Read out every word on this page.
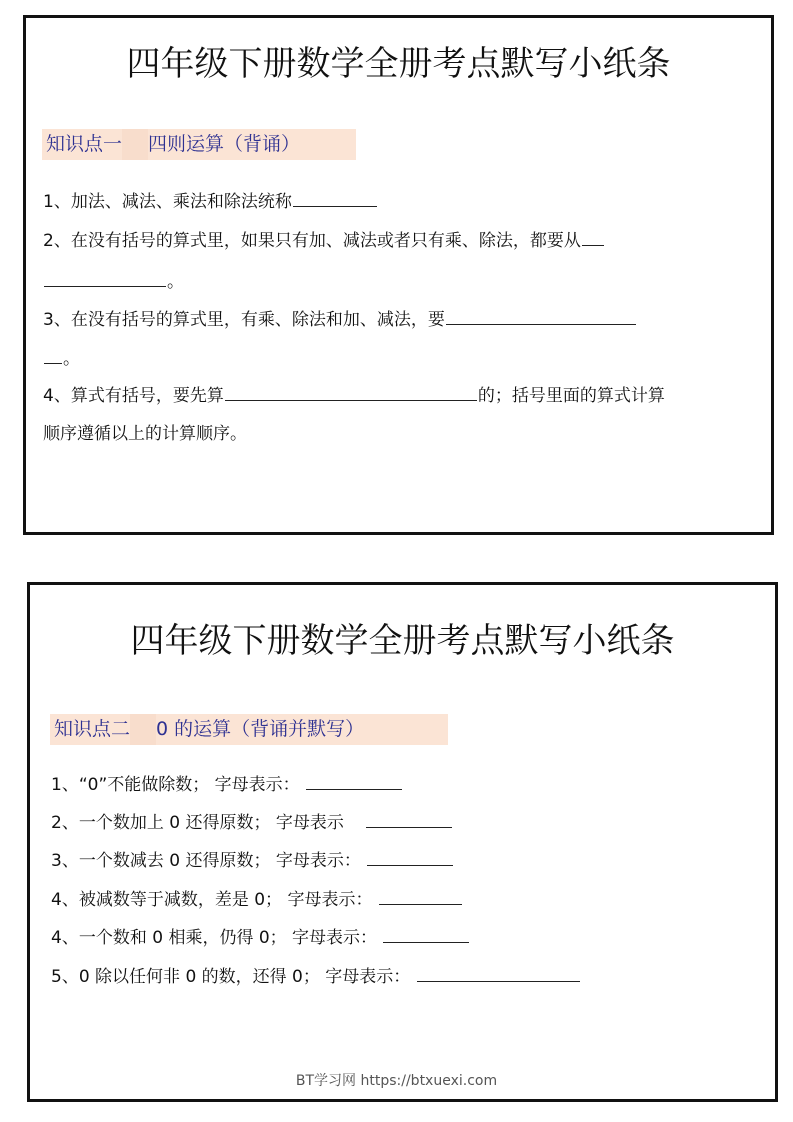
四年级下册数学全册考点默写小纸条
知识点一 四则运算（背诵）
1、加法、减法、乘法和除法统称
2、在没有括号的算式里，如果只有加、减法或者只有乘、除法，都要从
。
3、在没有括号的算式里，有乘、除法和加、减法，要
。
4、算式有括号，要先算	的；括号里面的算式计算
顺序遵循以上的计算顺序。
四年级下册数学全册考点默写小纸条
知识点二 0 的运算（背诵并默写）
1、“0”不能做除数； 字母表示：
2、一个数加上 0 还得原数； 字母表示
3、一个数减去 0 还得原数； 字母表示：
4、被减数等于减数，差是 0； 字母表示：
4、一个数和 0 相乘，仍得 0； 字母表示：
5、0 除以任何非 0 的数，还得 0； 字母表示：
BT学习网 https://btxuexi.com
